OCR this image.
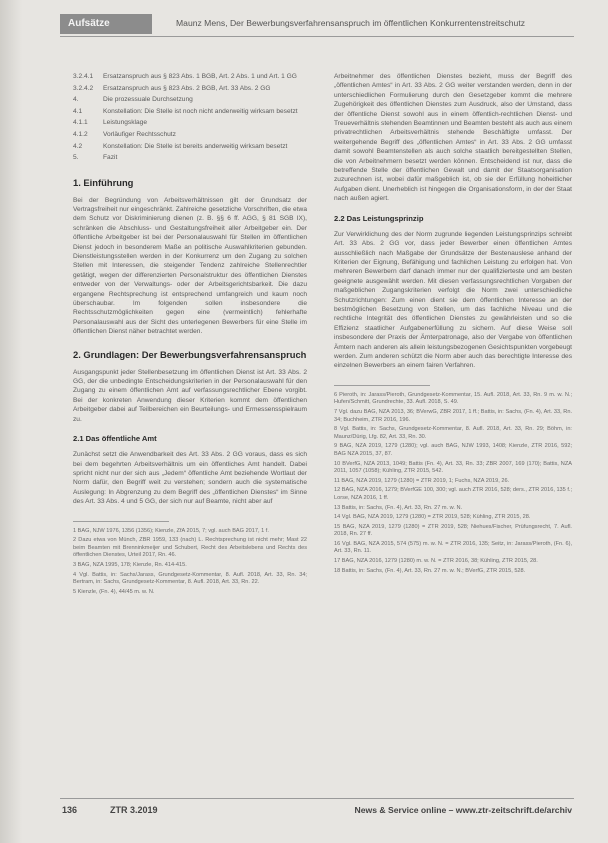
Aufsätze	Maunz Mens, Der Bewerbungsverfahrensanspruch im öffentlichen Konkurrentenstreitschutz
3.2.4.1	Ersatzanspruch aus § 823 Abs. 1 BGB, Art. 2 Abs. 1 und Art. 1 GG
3.2.4.2	Ersatzanspruch aus § 823 Abs. 2 BGB, Art. 33 Abs. 2 GG
4.	Die prozessuale Durchsetzung
4.1	Konstellation: Die Stelle ist noch nicht anderweitig wirksam besetzt
4.1.1	Leistungsklage
4.1.2	Vorläufiger Rechtsschutz
4.2	Konstellation: Die Stelle ist bereits anderweitig wirksam besetzt
5.	Fazit
1. Einführung

Bei der Begründung von Arbeitsverhältnissen gilt der Grundsatz der Vertragsfreiheit nur eingeschränkt. Zahlreiche gesetzliche Vorschriften, die etwa dem Schutz vor Diskriminierung dienen (z. B. §§ 6 ff. AGG, § 81 SGB IX), schränken die Abschluss- und Gestaltungsfreiheit aller Arbeitgeber ein. Der öffentliche Arbeitgeber ist bei der Personalauswahl für Stellen im öffentlichen Dienst jedoch in besonderem Maße an politische Auswahlkriterien gebunden. Dienstleistungsstellen werden in der Konkurrenz um den Zugang zu solchen Stellen mit Interessen, die steigender Tendenz zahlreiche Stellenrechtler getätigt, wegen der differenzierten Personalstruktur des öffentlichen Dienstes entweder von der Verwaltungs- oder der Arbeitsgerichtsbarkeit. Die dazu ergangene Rechtsprechung ist entsprechend umfangreich und kaum noch überschaubar. Im folgenden sollen insbesondere die Rechtsschutzmöglichkeiten gegen eine (vermeintlich) fehlerhafte Personalauswahl aus der Sicht des unterlegenen Bewerbers für eine Stelle im öffentlichen Dienst näher betrachtet werden.

2. Grundlagen: Der Bewerbungsverfahrensanspruch

Ausgangspunkt jeder Stellenbesetzung im öffentlichen Dienst ist Art. 33 Abs. 2 GG, der die unbedingte Entscheidungskriterien in der Personalauswahl für den Zugang zu einem öffentlichen Amt auf verfassungsrechtlicher Ebene vorgibt. Bei der konkreten Anwendung dieser Kriterien kommt dem öffentlichen Arbeitgeber dabei auf Teilbereichen ein Beurteilungs- und Ermessensspielraum zu.

2.1 Das öffentliche Amt

Zunächst setzt die Anwendbarkeit des Art. 33 Abs. 2 GG voraus, dass es sich bei dem begehrten Arbeitsverhältnis um ein öffentliches Amt handelt. Dabei spricht nicht nur der sich aus „Jedem“ öffentliche Amt beziehende Wortlaut der Norm dafür, den Begriff weit zu verstehen; sondern auch die systematische Auslegung: In Abgrenzung zu dem Begriff des „öffentlichen Dienstes“ im Sinne des Art. 33 Abs. 4 und 5 GG, der sich nur auf Beamte, nicht aber auf

1 BAG, NJW 1976, 1356 (1356); Kienzle, ZfA 2015, 7; vgl. auch BAG 2017, 1 f.

2 Dazu etwa von Münch, ZBR 1959, 133 (nach) L. Rechtsprechung ist nicht mehr; Mast 22 beim Beamten mit Brenninkmeijer und Schubert, Recht des Arbeitslebens und Rechts des öffentlichen Dienstes, Urteil 2017, Rn. 46.

3 BAG, NZA 1995, 178; Kienzle, Rn. 414-415.

4 Vgl. Battis, in: Sachs/Jarass, Grundgesetz-Kommentar, 8. Aufl. 2018, Art. 33, Rn. 34; Bertram, in: Sachs, Grundgesetz-Kommentar, 8. Aufl. 2018, Art. 33, Rn. 22.

5 Kienzle, (Fn. 4), 44/45 m. w. N.

Arbeitnehmer des öffentlichen Dienstes bezieht, muss der Begriff des „öffentlichen Amtes“ in Art. 33 Abs. 2 GG weiter verstanden werden, denn in der unterschiedlichen Formulierung durch den Gesetzgeber kommt die mehrere Zugehörigkeit des öffentlichen Dienstes zum Ausdruck, also der Umstand, dass der öffentliche Dienst sowohl aus in einem öffentlich-rechtlichen Dienst- und Treueverhältnis stehenden Beamtinnen und Beamten besteht als auch aus einem privatrechtlichen Arbeitsverhältnis stehende Beschäftigte umfasst. Der weitergehende Begriff des „öffentlichen Amtes“ in Art. 33 Abs. 2 GG umfasst damit sowohl Beamtenstellen als auch solche staatlich bereitgestellten Stellen, die von Arbeitnehmern besetzt werden können. Entscheidend ist nur, dass die betreffende Stelle der öffentlichen Gewalt und damit der Staatsorganisation zuzurechnen ist, wobei dafür maßgeblich ist, ob sie der Erfüllung hoheitlicher Aufgaben dient. Unerheblich ist hingegen die Organisationsform, in der der Staat nach außen agiert.

2.2 Das Leistungsprinzip

Zur Verwirklichung des der Norm zugrunde liegenden Leistungsprinzips schreibt Art. 33 Abs. 2 GG vor, dass jeder Bewerber einen öffentlichen Amtes ausschließlich nach Maßgabe der Grundsätze der Bestenauslese anhand der Kriterien der Eignung, Befähigung und fachlichen Leistung zu erfolgen hat. Von mehreren Bewerbern darf danach immer nur der qualifizierteste und am besten geeignete ausgewählt werden. Mit diesen verfassungsrechtlichen Vorgaben der maßgeblichen Zugangskriterien verfolgt die Norm zwei unterschiedliche Schutzrichtungen: Zum einen dient sie dem öffentlichen Interesse an der bestmöglichen Besetzung von Stellen, um das fachliche Niveau und die rechtliche Integrität des öffentlichen Dienstes zu gewährleisten und so die Effizienz staatlicher Aufgabenerfüllung zu sichern. Auf diese Weise soll insbesondere der Praxis der Ämterpatronage, also der Vergabe von öffentlichen Ämtern nach anderen als allein leistungsbezogenen Gesichtspunkten vorgebeugt werden. Zum anderen schützt die Norm aber auch das berechtigte Interesse des einzelnen Bewerbers an einem fairen Verfahren.

6 Pieroth, in: Jarass/Pieroth, Grundgesetz-Kommentar, 15. Aufl. 2018, Art. 33, Rn. 9 m. w. N.; Hufen/Schmitt, Grundrechte, 33. Aufl. 2018, S. 49.

7 Vgl. dazu BAG, NZA 2013, 36; BVerwG, ZBR 2017, 1 ff.; Battis, in: Sachs, (Fn. 4), Art. 33, Rn. 34; Buchheim, ZTR 2016, 196.

8 Vgl. Battis, in: Sachs, Grundgesetz-Kommentar, 8. Aufl. 2018, Art. 33, Rn. 29; Böhm, in: Maunz/Dürig, Lfg. 82, Art. 33, Rn. 30.

9 BAG, NZA 2019, 1279 (1280); vgl. auch BAG, NJW 1993, 1408; Kienzle, ZTR 2016, 592; BAG NZA 2015, 37, 87.

10 BVerfG, NZA 2013, 1049; Battis (Fn. 4), Art. 33, Rn. 33; ZBR 2007, 169 (170); Battis, NZA 2011, 1057 (1058); Kühling, ZTR 2015, 542.

11 BAG, NZA 2019, 1279 (1280) = ZTR 2019, 1; Fuchs, NZA 2019, 26.

12 BAG, NZA 2016, 1279; BVerfGE 100, 300; vgl. auch ZTR 2016, 528; ders., ZTR 2016, 135 f.; Lorse, NZA 2016, 1 ff.

13 Battis, in: Sachs, (Fn. 4), Art. 33, Rn. 27 m. w. N.

14 Vgl. BAG, NZA 2019, 1279 (1280) = ZTR 2019, 528; Kühling, ZTR 2015, 28.

15 BAG, NZA 2019, 1279 (1280) = ZTR 2019, 528; Niehues/Fischer, Prüfungsrecht, 7. Aufl. 2018, Rn. 27 ff.

16 Vgl. BAG, NZA 2015, 574 (575) m. w. N. = ZTR 2016, 135; Seitz, in: Jarass/Pieroth, (Fn. 6), Art. 33, Rn. 11.

17 BAG, NZA 2016, 1279 (1280) m. w. N. = ZTR 2016, 38; Kühling, ZTR 2015, 28.

18 Battis, in: Sachs, (Fn. 4), Art. 33, Rn. 27 m. w. N.; BVerfG, ZTR 2015, 528.

136	ZTR 3.2019	News & Service online – www.ztr-zeitschrift.de/archiv
